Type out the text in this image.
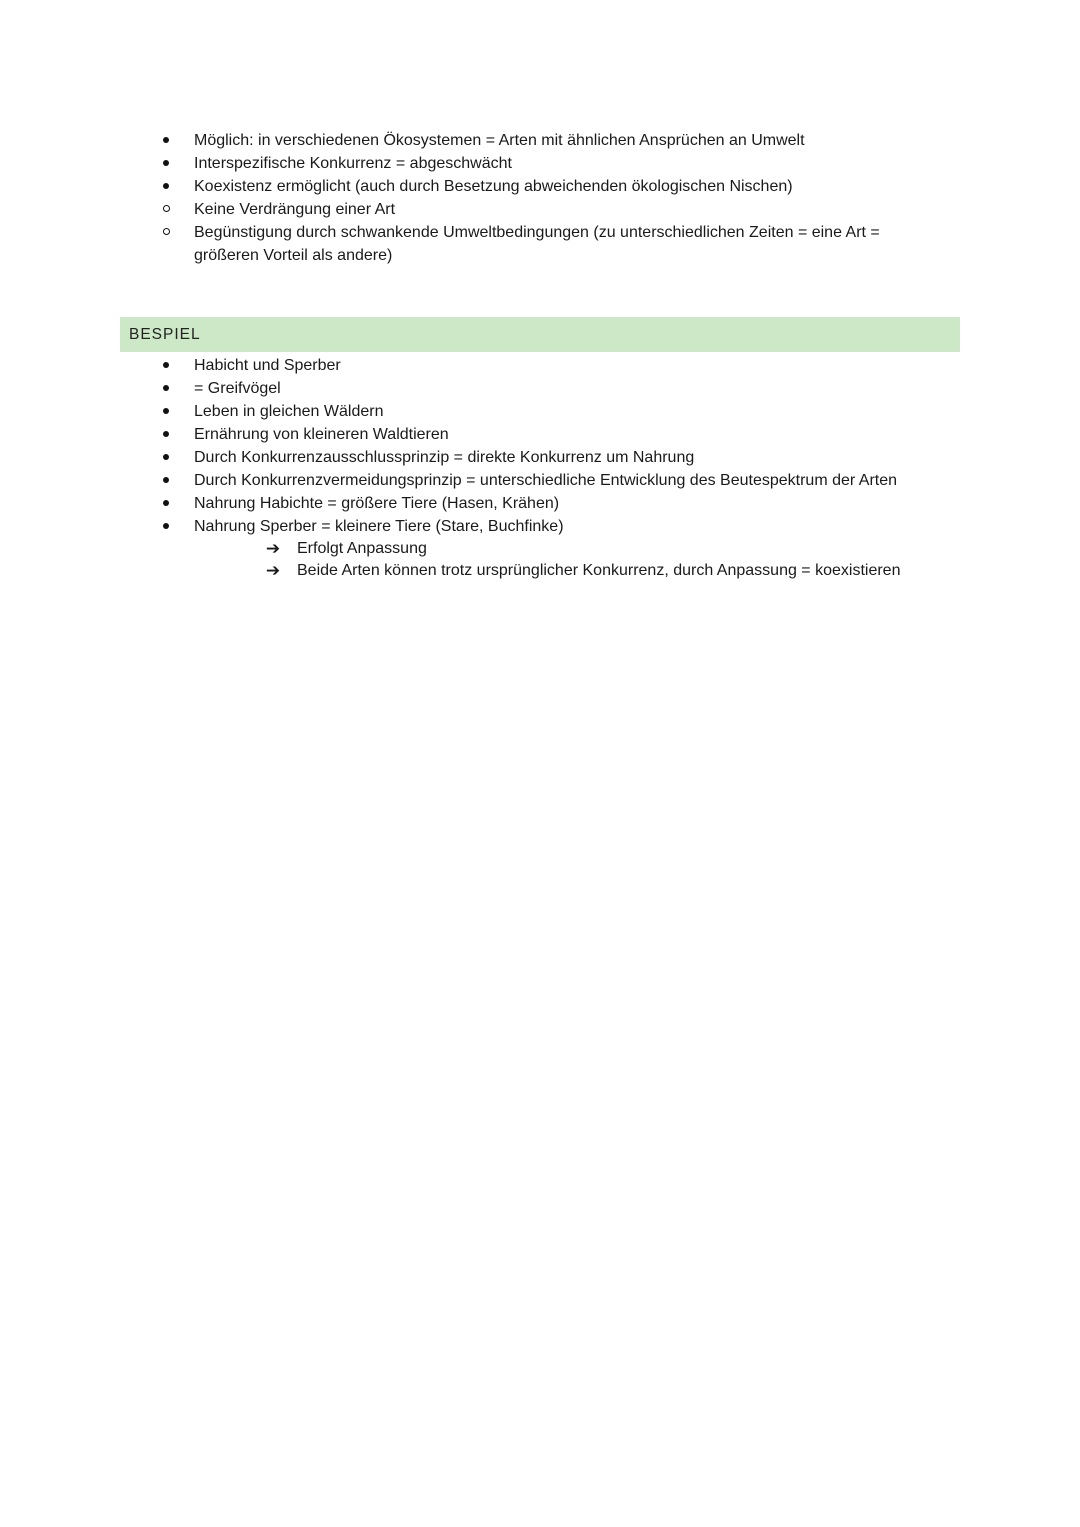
Möglich: in verschiedenen Ökosystemen = Arten mit ähnlichen Ansprüchen an Umwelt
Interspezifische Konkurrenz = abgeschwächt
Koexistenz ermöglicht (auch durch Besetzung abweichenden ökologischen Nischen)
Keine Verdrängung einer Art
Begünstigung durch schwankende Umweltbedingungen (zu unterschiedlichen Zeiten = eine Art = größeren Vorteil als andere)
BESPIEL
Habicht und Sperber
= Greifvögel
Leben in gleichen Wäldern
Ernährung von kleineren Waldtieren
Durch Konkurrenzausschlussprinzip = direkte Konkurrenz um Nahrung
Durch Konkurrenzvermeidungsprinzip = unterschiedliche Entwicklung des Beutespektrum der Arten
Nahrung Habichte = größere Tiere (Hasen, Krähen)
Nahrung Sperber = kleinere Tiere (Stare, Buchfinke)
➔ Erfolgt Anpassung
➔ Beide Arten können trotz ursprünglicher Konkurrenz, durch Anpassung = koexistieren
